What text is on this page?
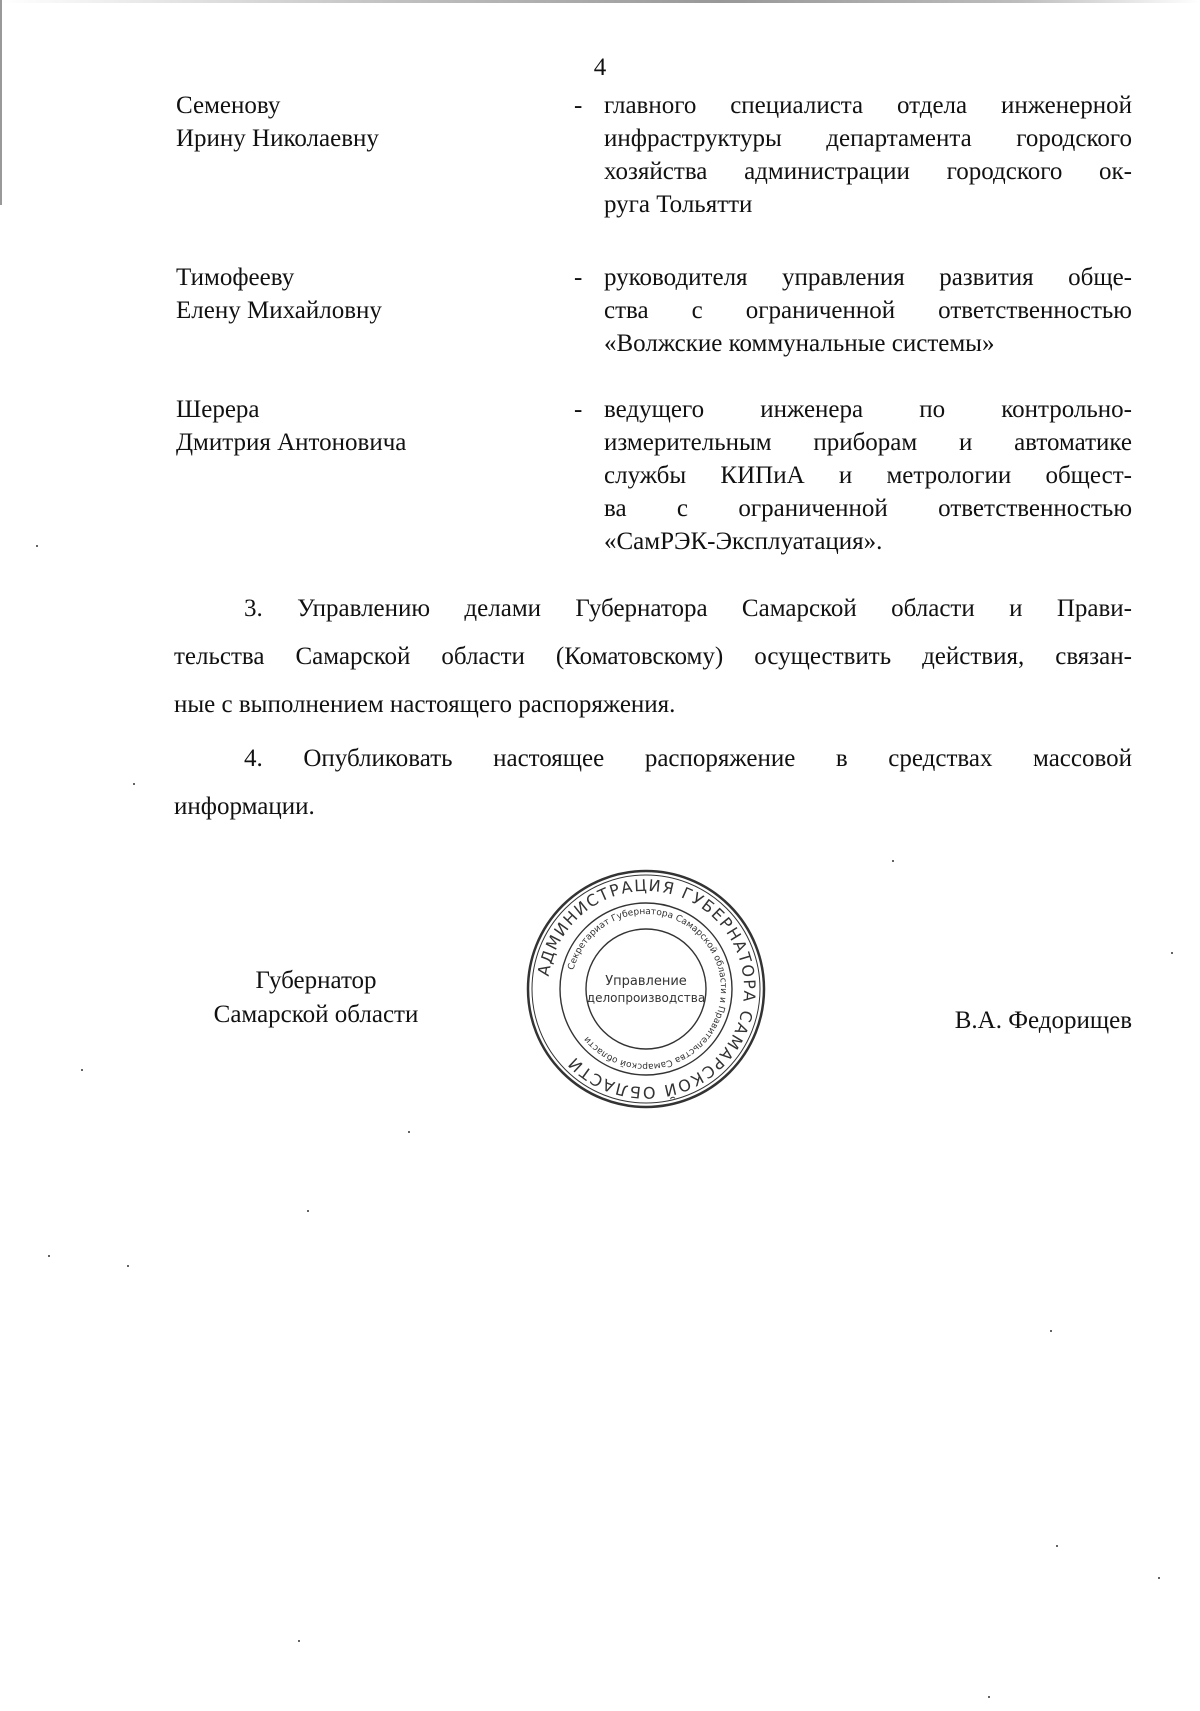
4
Семенову
Ирину Николаевну
- главного специалиста отдела инженерной
инфраструктуры департамента городского
хозяйства администрации городского ок-
руга Тольятти
Тимофееву
Елену Михайловну
- руководителя управления развития обще-
ства с ограниченной ответственностью
«Волжские коммунальные системы»
Шерера
Дмитрия Антоновича
- ведущего инженера по контрольно-
измерительным приборам и автоматике
службы КИПиА и метрологии общест-
ва с ограниченной ответственностью
«СамРЭК-Эксплуатация».
3. Управлению делами Губернатора Самарской области и Прави-
тельства Самарской области (Коматовскому) осуществить действия, связан-
ные с выполнением настоящего распоряжения.
4. Опубликовать настоящее распоряжение в средствах массовой
информации.
Губернатор
Самарской области	В.А. Федорищев
АДМИНИСТРАЦИЯ ГУБЕРНАТОРА САМАРСКОЙ ОБЛАСТИ
Секретариат Губернатора Самарской области и Правительства Самарской области
Управление
делопроизводства
